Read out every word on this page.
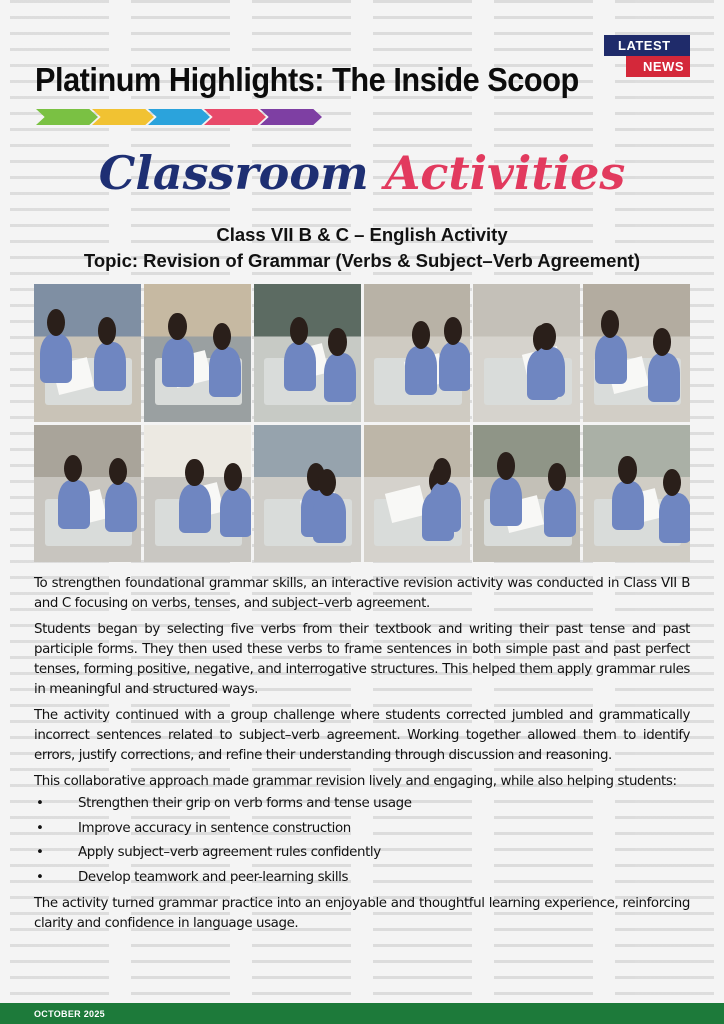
Platinum Highlights: The Inside Scoop
LATEST
NEWS
Classroom Activities
Class VII B & C – English Activity
Topic: Revision of Grammar (Verbs & Subject–Verb Agreement)

To strengthen foundational grammar skills, an interactive revision activity was conducted in Class VII B and C focusing on verbs, tenses, and subject–verb agreement.

Students began by selecting five verbs from their textbook and writing their past tense and past participle forms. They then used these verbs to frame sentences in both simple past and past perfect tenses, forming positive, negative, and interrogative structures. This helped them apply grammar rules in meaningful and structured ways.

The activity continued with a group challenge where students corrected jumbled and grammatically incorrect sentences related to subject–verb agreement. Working together allowed them to identify errors, justify corrections, and refine their understanding through discussion and reasoning.

This collaborative approach made grammar revision lively and engaging, while also helping students:

• Strengthen their grip on verb forms and tense usage
• Improve accuracy in sentence construction
• Apply subject–verb agreement rules confidently
• Develop teamwork and peer-learning skills

The activity turned grammar practice into an enjoyable and thoughtful learning experience, reinforcing clarity and confidence in language usage.

OCTOBER 2025
